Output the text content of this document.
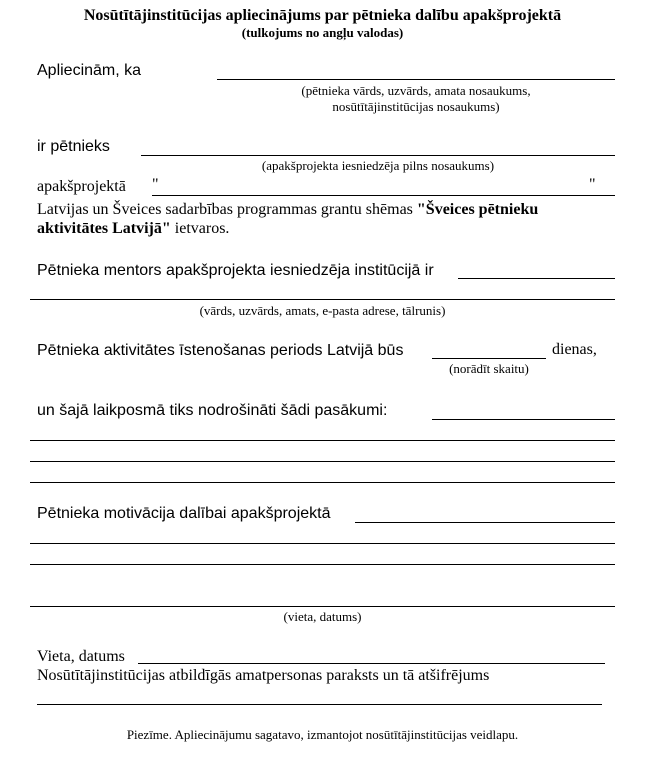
Nosūtītājinstitūcijas apliecinājums par pētnieka dalību apakšprojektā
(tulkojums no angļu valodas)
Apliecinām, ka
(pētnieka vārds, uzvārds, amata nosaukums,
nosūtītājinstitūcijas nosaukums)
ir pētnieks
(apakšprojekta iesniedzēja pilns nosaukums)
apakšprojektā "	"
Latvijas un Šveices sadarbības programmas grantu shēmas "Šveices pētnieku
aktivitātes Latvijā" ietvaros.
Pētnieka mentors apakšprojekta iesniedzēja institūcijā ir
(vārds, uzvārds, amats, e-pasta adrese, tālrunis)
Pētnieka aktivitātes īstenošanas periods Latvijā būs	dienas,
(norādīt skaitu)
un šajā laikposmā tiks nodrošināti šādi pasākumi:
Pētnieka motivācija dalībai apakšprojektā
(vieta, datums)
Vieta, datums
Nosūtītājinstitūcijas atbildīgās amatpersonas paraksts un tā atšifrējums
Piezīme. Apliecinājumu sagatavo, izmantojot nosūtītājinstitūcijas veidlapu.
